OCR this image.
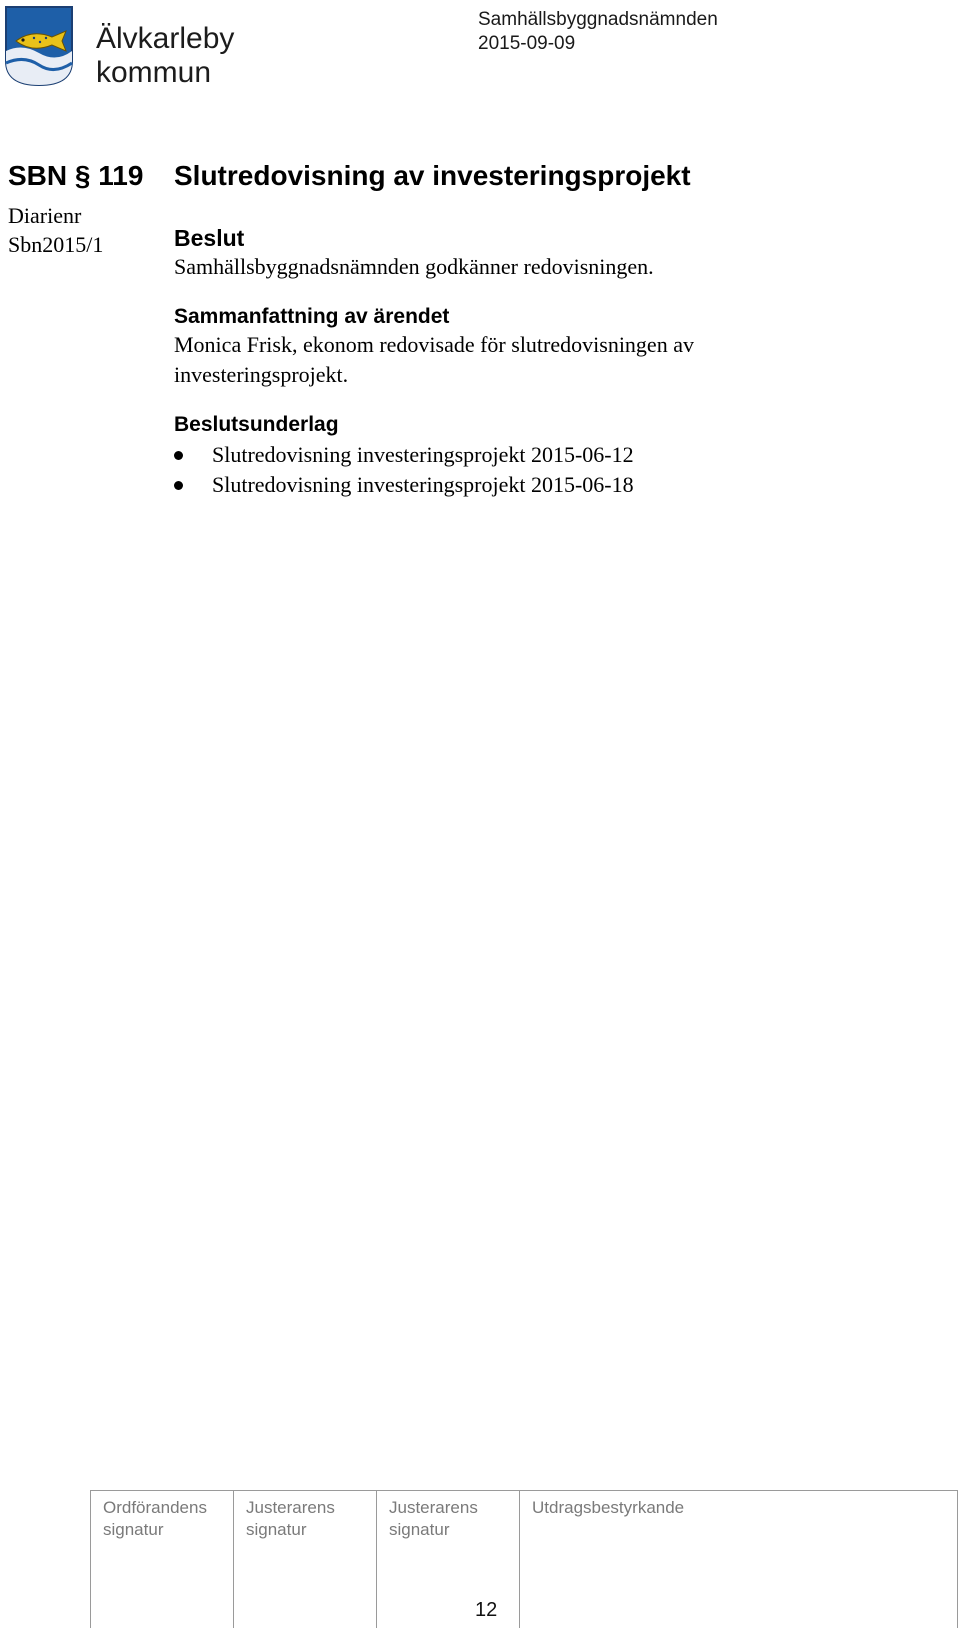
Älvkarleby
kommun
Samhällsbyggnadsnämnden
2015-09-09
SBN § 119 Slutredovisning av investeringsprojekt
Diarienr
Sbn2015/1	Beslut

Samhällsbyggnadsnämnden godkänner redovisningen.

Sammanfattning av ärendet

Monica Frisk, ekonom redovisade för slutredovisningen av

investeringsprojekt.

Beslutsunderlag
Slutredovisning investeringsprojekt 2015-06-12
Slutredovisning investeringsprojekt 2015-06-18
Ordförandens
signatur
Justerarens
signatur
Justerarens
signatur
Utdragsbestyrkande
12
